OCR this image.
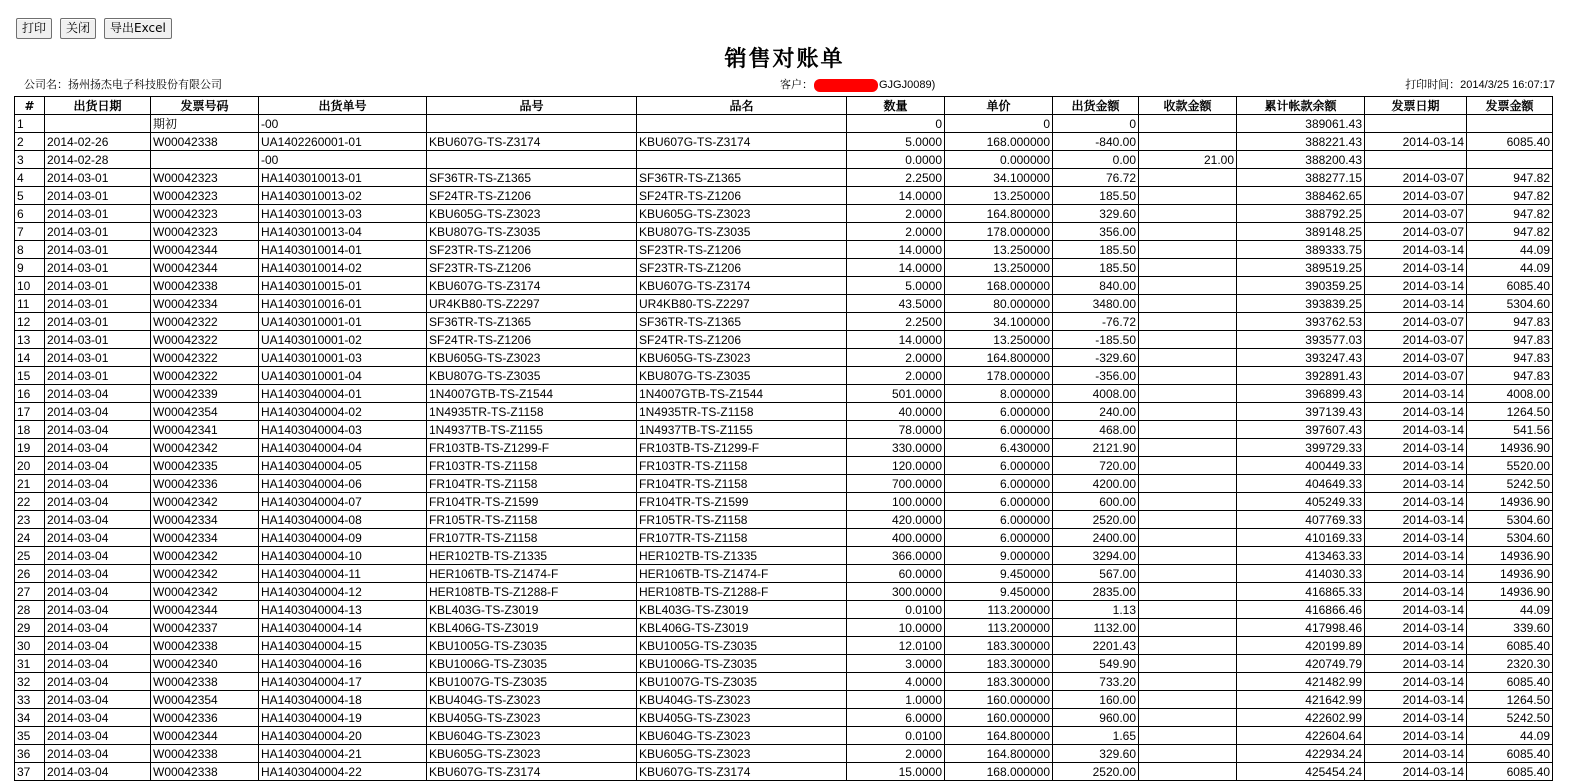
打印	关闭	导出Excel
销售对账单
公司名：扬州扬杰电子科技股份有限公司	客户：	GJGJ0089)	打印时间：2014/3/25 16:07:17
#	出货日期	发票号码	出货单号	品号	品名	数量	单价	出货金额	收款金额	累计帐款余额	发票日期	发票金额
1		期初	-00			0	0	0		389061.43		
2	2014-02-26	W00042338	UA1402260001-01	KBU607G-TS-Z3174	KBU607G-TS-Z3174	5.0000	168.000000	-840.00		388221.43	2014-03-14	6085.40
3	2014-02-28		-00			0.0000	0.000000	0.00	21.00	388200.43		
4	2014-03-01	W00042323	HA1403010013-01	SF36TR-TS-Z1365	SF36TR-TS-Z1365	2.2500	34.100000	76.72		388277.15	2014-03-07	947.82
5	2014-03-01	W00042323	HA1403010013-02	SF24TR-TS-Z1206	SF24TR-TS-Z1206	14.0000	13.250000	185.50		388462.65	2014-03-07	947.82
6	2014-03-01	W00042323	HA1403010013-03	KBU605G-TS-Z3023	KBU605G-TS-Z3023	2.0000	164.800000	329.60		388792.25	2014-03-07	947.82
7	2014-03-01	W00042323	HA1403010013-04	KBU807G-TS-Z3035	KBU807G-TS-Z3035	2.0000	178.000000	356.00		389148.25	2014-03-07	947.82
8	2014-03-01	W00042344	HA1403010014-01	SF23TR-TS-Z1206	SF23TR-TS-Z1206	14.0000	13.250000	185.50		389333.75	2014-03-14	44.09
9	2014-03-01	W00042344	HA1403010014-02	SF23TR-TS-Z1206	SF23TR-TS-Z1206	14.0000	13.250000	185.50		389519.25	2014-03-14	44.09
10	2014-03-01	W00042338	HA1403010015-01	KBU607G-TS-Z3174	KBU607G-TS-Z3174	5.0000	168.000000	840.00		390359.25	2014-03-14	6085.40
11	2014-03-01	W00042334	HA1403010016-01	UR4KB80-TS-Z2297	UR4KB80-TS-Z2297	43.5000	80.000000	3480.00		393839.25	2014-03-14	5304.60
12	2014-03-01	W00042322	UA1403010001-01	SF36TR-TS-Z1365	SF36TR-TS-Z1365	2.2500	34.100000	-76.72		393762.53	2014-03-07	947.83
13	2014-03-01	W00042322	UA1403010001-02	SF24TR-TS-Z1206	SF24TR-TS-Z1206	14.0000	13.250000	-185.50		393577.03	2014-03-07	947.83
14	2014-03-01	W00042322	UA1403010001-03	KBU605G-TS-Z3023	KBU605G-TS-Z3023	2.0000	164.800000	-329.60		393247.43	2014-03-07	947.83
15	2014-03-01	W00042322	UA1403010001-04	KBU807G-TS-Z3035	KBU807G-TS-Z3035	2.0000	178.000000	-356.00		392891.43	2014-03-07	947.83
16	2014-03-04	W00042339	HA1403040004-01	1N4007GTB-TS-Z1544	1N4007GTB-TS-Z1544	501.0000	8.000000	4008.00		396899.43	2014-03-14	4008.00
17	2014-03-04	W00042354	HA1403040004-02	1N4935TR-TS-Z1158	1N4935TR-TS-Z1158	40.0000	6.000000	240.00		397139.43	2014-03-14	1264.50
18	2014-03-04	W00042341	HA1403040004-03	1N4937TB-TS-Z1155	1N4937TB-TS-Z1155	78.0000	6.000000	468.00		397607.43	2014-03-14	541.56
19	2014-03-04	W00042342	HA1403040004-04	FR103TB-TS-Z1299-F	FR103TB-TS-Z1299-F	330.0000	6.430000	2121.90		399729.33	2014-03-14	14936.90
20	2014-03-04	W00042335	HA1403040004-05	FR103TR-TS-Z1158	FR103TR-TS-Z1158	120.0000	6.000000	720.00		400449.33	2014-03-14	5520.00
21	2014-03-04	W00042336	HA1403040004-06	FR104TR-TS-Z1158	FR104TR-TS-Z1158	700.0000	6.000000	4200.00		404649.33	2014-03-14	5242.50
22	2014-03-04	W00042342	HA1403040004-07	FR104TR-TS-Z1599	FR104TR-TS-Z1599	100.0000	6.000000	600.00		405249.33	2014-03-14	14936.90
23	2014-03-04	W00042334	HA1403040004-08	FR105TR-TS-Z1158	FR105TR-TS-Z1158	420.0000	6.000000	2520.00		407769.33	2014-03-14	5304.60
24	2014-03-04	W00042334	HA1403040004-09	FR107TR-TS-Z1158	FR107TR-TS-Z1158	400.0000	6.000000	2400.00		410169.33	2014-03-14	5304.60
25	2014-03-04	W00042342	HA1403040004-10	HER102TB-TS-Z1335	HER102TB-TS-Z1335	366.0000	9.000000	3294.00		413463.33	2014-03-14	14936.90
26	2014-03-04	W00042342	HA1403040004-11	HER106TB-TS-Z1474-F	HER106TB-TS-Z1474-F	60.0000	9.450000	567.00		414030.33	2014-03-14	14936.90
27	2014-03-04	W00042342	HA1403040004-12	HER108TB-TS-Z1288-F	HER108TB-TS-Z1288-F	300.0000	9.450000	2835.00		416865.33	2014-03-14	14936.90
28	2014-03-04	W00042344	HA1403040004-13	KBL403G-TS-Z3019	KBL403G-TS-Z3019	0.0100	113.200000	1.13		416866.46	2014-03-14	44.09
29	2014-03-04	W00042337	HA1403040004-14	KBL406G-TS-Z3019	KBL406G-TS-Z3019	10.0000	113.200000	1132.00		417998.46	2014-03-14	339.60
30	2014-03-04	W00042338	HA1403040004-15	KBU1005G-TS-Z3035	KBU1005G-TS-Z3035	12.0100	183.300000	2201.43		420199.89	2014-03-14	6085.40
31	2014-03-04	W00042340	HA1403040004-16	KBU1006G-TS-Z3035	KBU1006G-TS-Z3035	3.0000	183.300000	549.90		420749.79	2014-03-14	2320.30
32	2014-03-04	W00042338	HA1403040004-17	KBU1007G-TS-Z3035	KBU1007G-TS-Z3035	4.0000	183.300000	733.20		421482.99	2014-03-14	6085.40
33	2014-03-04	W00042354	HA1403040004-18	KBU404G-TS-Z3023	KBU404G-TS-Z3023	1.0000	160.000000	160.00		421642.99	2014-03-14	1264.50
34	2014-03-04	W00042336	HA1403040004-19	KBU405G-TS-Z3023	KBU405G-TS-Z3023	6.0000	160.000000	960.00		422602.99	2014-03-14	5242.50
35	2014-03-04	W00042344	HA1403040004-20	KBU604G-TS-Z3023	KBU604G-TS-Z3023	0.0100	164.800000	1.65		422604.64	2014-03-14	44.09
36	2014-03-04	W00042338	HA1403040004-21	KBU605G-TS-Z3023	KBU605G-TS-Z3023	2.0000	164.800000	329.60		422934.24	2014-03-14	6085.40
37	2014-03-04	W00042338	HA1403040004-22	KBU607G-TS-Z3174	KBU607G-TS-Z3174	15.0000	168.000000	2520.00		425454.24	2014-03-14	6085.40
